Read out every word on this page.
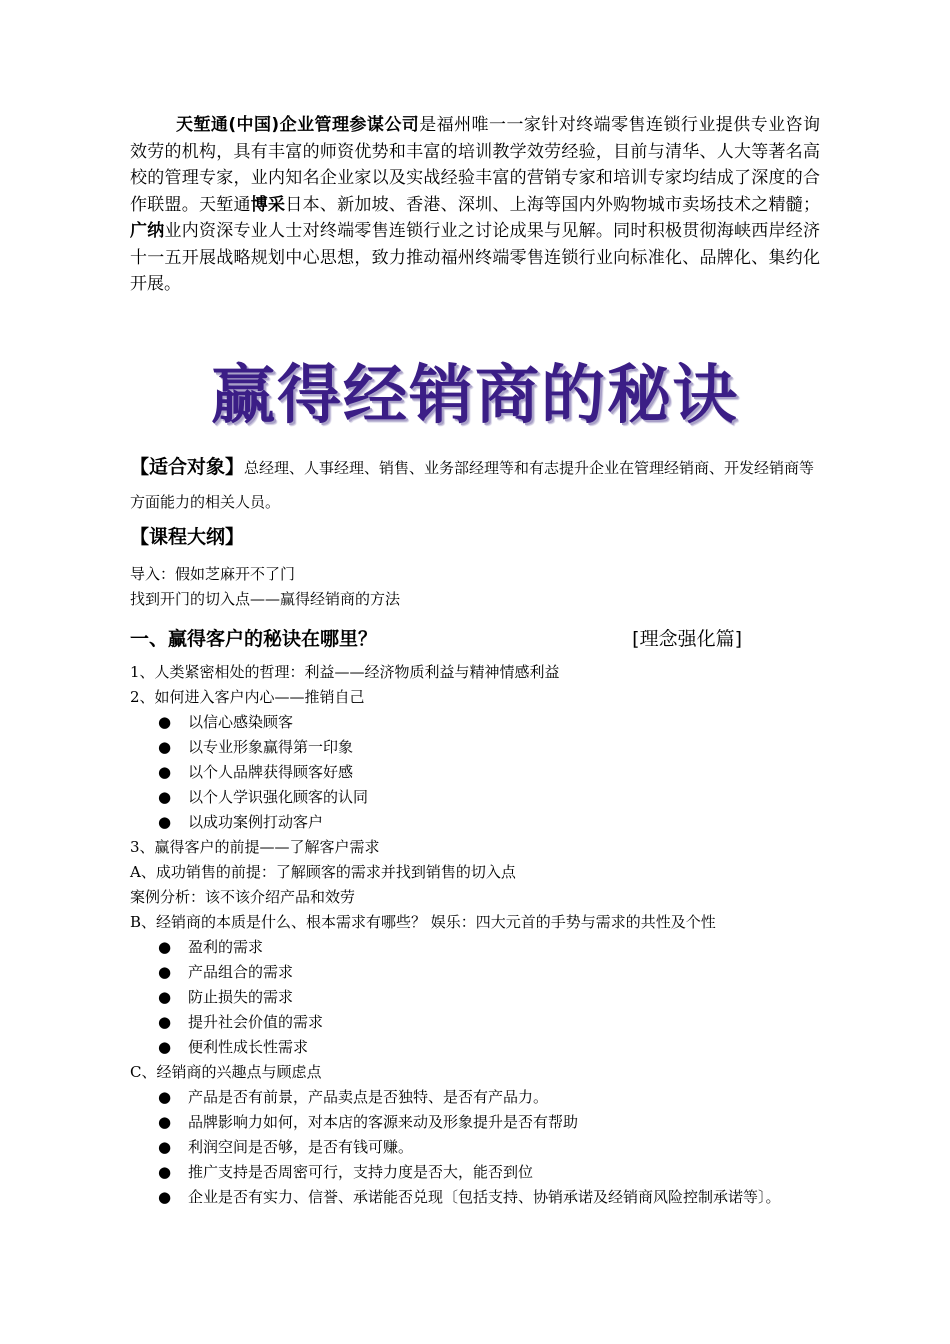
天堑通(中国)企业管理参谋公司是福州唯一一家针对终端零售连锁行业提供专业咨询效劳的机构，具有丰富的师资优势和丰富的培训教学效劳经验，目前与清华、人大等著名高校的管理专家，业内知名企业家以及实战经验丰富的营销专家和培训专家均结成了深度的合作联盟。天堑通博采日本、新加坡、香港、深圳、上海等国内外购物城市卖场技术之精髓；广纳业内资深专业人士对终端零售连锁行业之讨论成果与见解。同时积极贯彻海峡西岸经济十一五开展战略规划中心思想，致力推动福州终端零售连锁行业向标准化、品牌化、集约化开展。

赢得经销商的秘诀

【适合对象】总经理、人事经理、销售、业务部经理等和有志提升企业在管理经销商、开发经销商等方面能力的相关人员。

【课程大纲】

导入：假如芝麻开不了门

找到开门的切入点——赢得经销商的方法

一、赢得客户的秘诀在哪里？	[理念强化篇]
1、人类紧密相处的哲理：利益——经济物质利益与精神情感利益
2、如何进入客户内心——推销自己
● 以信心感染顾客
● 以专业形象赢得第一印象
● 以个人品牌获得顾客好感
● 以个人学识强化顾客的认同
● 以成功案例打动客户
3、赢得客户的前提——了解客户需求
A、成功销售的前提：了解顾客的需求并找到销售的切入点
案例分析：该不该介绍产品和效劳
B、经销商的本质是什么、根本需求有哪些？ 娱乐：四大元首的手势与需求的共性及个性
● 盈利的需求
● 产品组合的需求
● 防止损失的需求
● 提升社会价值的需求
● 便利性成长性需求
C、经销商的兴趣点与顾虑点
● 产品是否有前景，产品卖点是否独特、是否有产品力。
● 品牌影响力如何，对本店的客源来动及形象提升是否有帮助
● 利润空间是否够，是否有钱可赚。
● 推广支持是否周密可行，支持力度是否大，能否到位
● 企业是否有实力、信誉、承诺能否兑现〔包括支持、协销承诺及经销商风险控制承诺等〕。
